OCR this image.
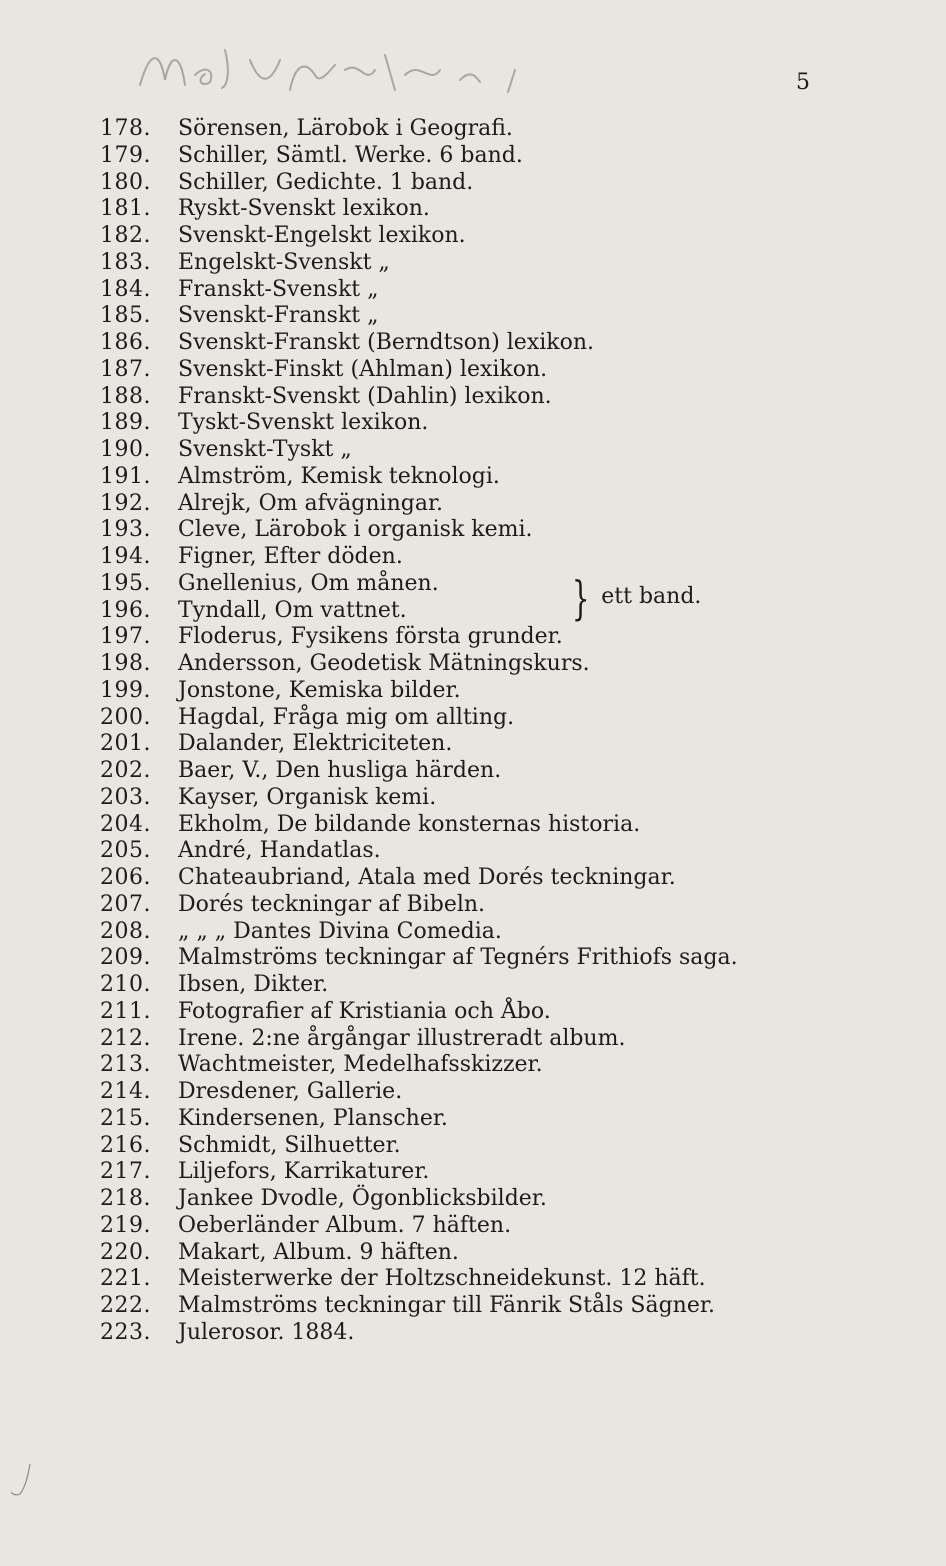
5
178.	Sörensen, Lärobok i Geografi.
179.	Schiller, Sämtl. Werke. 6 band.
180.	Schiller, Gedichte. 1 band.
181.	Ryskt-Svenskt lexikon.
182.	Svenskt-Engelskt lexikon.
183.	Engelskt-Svenskt „
184.	Franskt-Svenskt „
185.	Svenskt-Franskt „
186.	Svenskt-Franskt (Berndtson) lexikon.
187.	Svenskt-Finskt (Ahlman) lexikon.
188.	Franskt-Svenskt (Dahlin) lexikon.
189.	Tyskt-Svenskt lexikon.
190.	Svenskt-Tyskt „
191.	Almström, Kemisk teknologi.
192.	Alrejk, Om afvägningar.
193.	Cleve, Lärobok i organisk kemi.
194.	Figner, Efter döden.
195.	Gnellenius, Om månen.	} ett band.
196.	Tyndall, Om vattnet.
197.	Floderus, Fysikens första grunder.
198.	Andersson, Geodetisk Mätningskurs.
199.	Jonstone, Kemiska bilder.
200.	Hagdal, Fråga mig om allting.
201.	Dalander, Elektriciteten.
202.	Baer, V., Den husliga härden.
203.	Kayser, Organisk kemi.
204.	Ekholm, De bildande konsternas historia.
205.	André, Handatlas.
206.	Chateaubriand, Atala med Dorés teckningar.
207.	Dorés teckningar af Bibeln.
208.	„ „ „ Dantes Divina Comedia.
209.	Malmströms teckningar af Tegnérs Frithiofs saga.
210.	Ibsen, Dikter.
211.	Fotografier af Kristiania och Åbo.
212.	Irene. 2:ne årgångar illustreradt album.
213.	Wachtmeister, Medelhafsskizzer.
214.	Dresdener, Gallerie.
215.	Kindersenen, Planscher.
216.	Schmidt, Silhuetter.
217.	Liljefors, Karrikaturer.
218.	Jankee Dvodle, Ögonblicksbilder.
219.	Oeberländer Album. 7 häften.
220.	Makart, Album. 9 häften.
221.	Meisterwerke der Holtzschneidekunst. 12 häft.
222.	Malmströms teckningar till Fänrik Ståls Sägner.
223.	Julerosor. 1884.
